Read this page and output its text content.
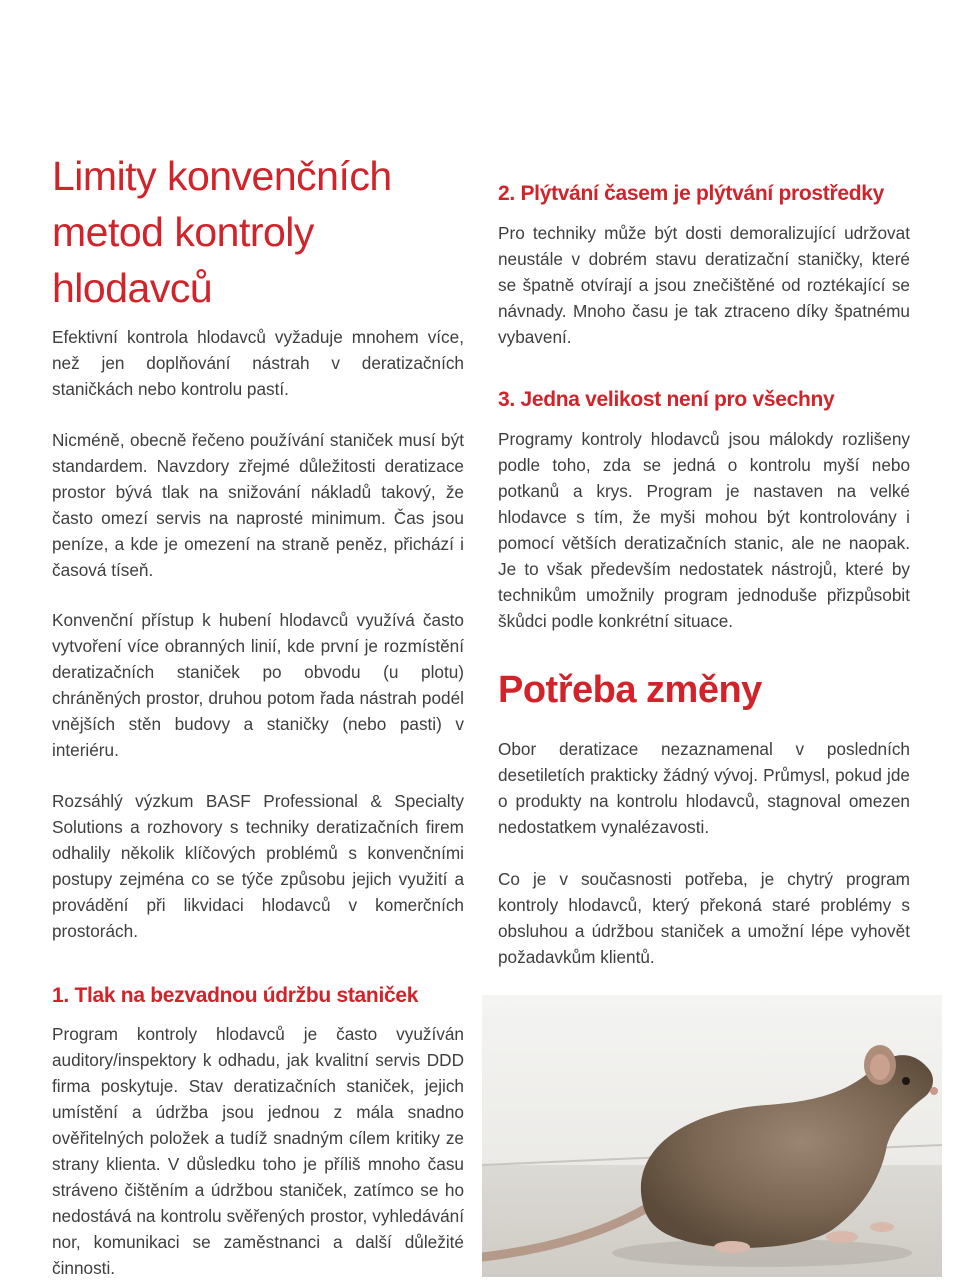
Limity konvenčních metod kontroly hlodavců

Efektivní kontrola hlodavců vyžaduje mnohem více, než jen doplňování nástrah v deratizačních staničkách nebo kontrolu pastí.

Nicméně, obecně řečeno používání staniček musí být standardem. Navzdory zřejmé důležitosti deratizace prostor bývá tlak na snižování nákladů takový, že často omezí servis na naprosté minimum. Čas jsou peníze, a kde je omezení na straně peněz, přichází i časová tíseň.

Konvenční přístup k hubení hlodavců využívá často vytvoření více obranných linií, kde první je rozmístění deratizačních staniček po obvodu (u plotu) chráněných prostor, druhou potom řada nástrah podél vnějších stěn budovy a staničky (nebo pasti) v interiéru.

Rozsáhlý výzkum BASF Professional & Specialty Solutions a rozhovory s techniky deratizačních firem odhalily několik klíčových problémů s konvenčními postupy zejména co se týče způsobu jejich využití a provádění při likvidaci hlodavců v komerčních prostorách.

1. Tlak na bezvadnou údržbu staniček

Program kontroly hlodavců je často využíván auditory/inspektory k odhadu, jak kvalitní servis DDD firma poskytuje. Stav deratizačních staniček, jejich umístění a údržba jsou jednou z mála snadno ověřitelných položek a tudíž snadným cílem kritiky ze strany klienta. V důsledku toho je příliš mnoho času stráveno čištěním a údržbou staniček, zatímco se ho nedostává na kontrolu svěřených prostor, vyhledávání nor, komunikaci se zaměstnanci a další důležité činnosti.

2. Plýtvání časem je plýtvání prostředky

Pro techniky může být dosti demoralizující udržovat neustále v dobrém stavu deratizační staničky, které se špatně otvírají a jsou znečištěné od roztékající se návnady. Mnoho času je tak ztraceno díky špatnému vybavení.

3. Jedna velikost není pro všechny

Programy kontroly hlodavců jsou málokdy rozlišeny podle toho, zda se jedná o kontrolu myší nebo potkanů a krys. Program je nastaven na velké hlodavce s tím, že myši mohou být kontrolovány i pomocí větších deratizačních stanic, ale ne naopak. Je to však především nedostatek nástrojů, které by technikům umožnily program jednoduše přizpůsobit škůdci podle konkrétní situace.

Potřeba změny

Obor deratizace nezaznamenal v posledních desetiletích prakticky žádný vývoj. Průmysl, pokud jde o produkty na kontrolu hlodavců, stagnoval omezen nedostatkem vynalézavosti.

Co je v současnosti potřeba, je chytrý program kontroly hlodavců, který překoná staré problémy s obsluhou a údržbou staniček a umožní lépe vyhovět požadavkům klientů.
